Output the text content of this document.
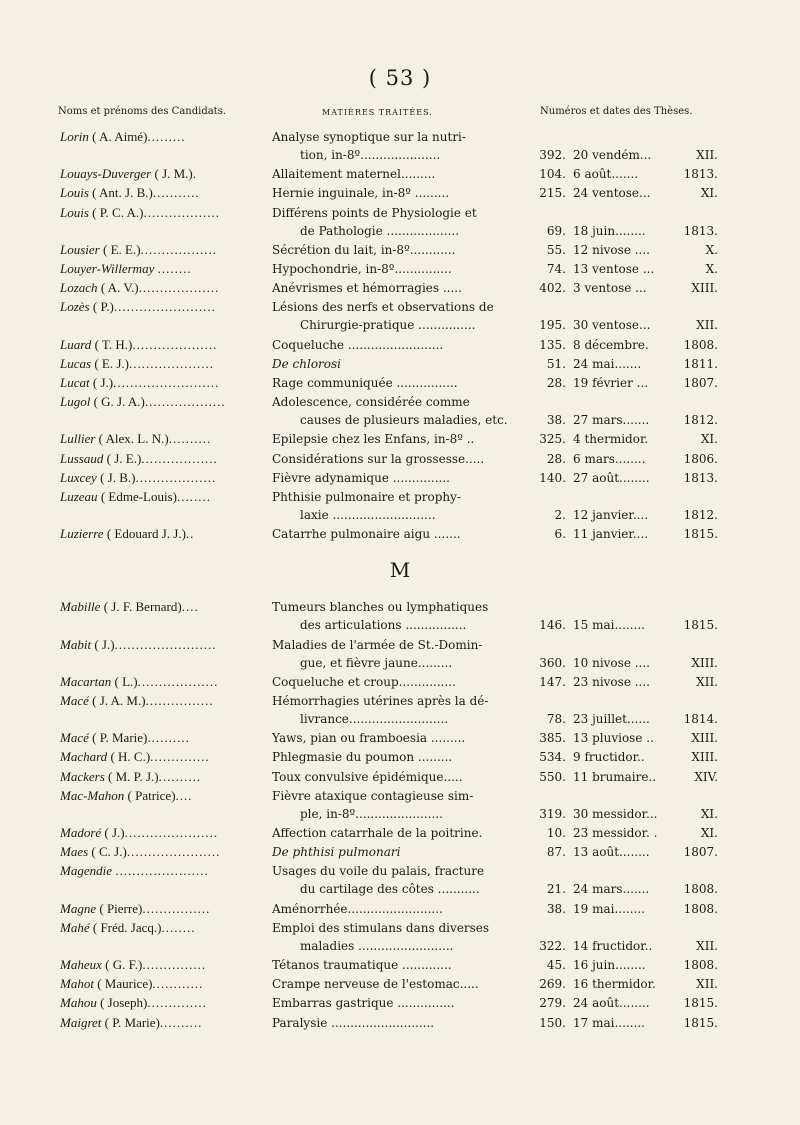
( 53 )
Noms et prénoms des Candidats.	MATIÈRES TRAITÉES.	Numéros et dates des Thèses.
Lorin ( A. Aimé).........	Analyse synoptique sur la nutri-
tion, in-8º.....................	392. 20 vendém...	XII.
Louays-Duverger ( J. M.).	Allaitement maternel.........	104. 6 août.......	1813.
Louis ( Ant. J. B.)...........	Hernie inguinale, in-8º .........	215. 24 ventose...	XI.
Louis ( P. C. A.)..................	Différens points de Physiologie et
de Pathologie ...................	69. 18 juin........	1813.
Lousier ( E. E.)..................	Sécrétion du lait, in-8º............	55. 12 nivose ....	X.
Louyer-Willermay ........	Hypochondrie, in-8º...............	74. 13 ventose ...	X.
Lozach ( A. V.)...................	Anévrismes et hémorragies .....	402. 3 ventose ...	XIII.
Lozès ( P.)........................	Lésions des nerfs et observations de
Chirurgie-pratique ...............	195. 30 ventose...	XII.
Luard ( T. H.)....................	Coqueluche .........................	135. 8 décembre.	1808.
Lucas ( E. J.)....................	De chlorosi	51. 24 mai.......	1811.
Lucat ( J.).........................	Rage communiquée ................	28. 19 février ...	1807.
Lugol ( G. J. A.)...................	Adolescence, considérée comme
causes de plusieurs maladies, etc.	38. 27 mars.......	1812.
Lullier ( Alex. L. N.)..........	Epilepsie chez les Enfans, in-8º ..	325. 4 thermidor.	XI.
Lussaud ( J. E.)..................	Considérations sur la grossesse.....	28. 6 mars........	1806.
Luxcey ( J. B.)...................	Fièvre adynamique ...............	140. 27 août........	1813.
Luzeau ( Edme-Louis)........	Phthisie pulmonaire et prophy-
laxie ...........................	2. 12 janvier....	1812.
Luzierre ( Edouard J. J.)..	Catarrhe pulmonaire aigu .......	6. 11 janvier....	1815.
M
Mabille ( J. F. Bernard)....	Tumeurs blanches ou lymphatiques
des articulations ................	146. 15 mai........	1815.
Mabit ( J.)........................	Maladies de l'armée de St.-Domin-
gue, et fièvre jaune.........	360. 10 nivose ....	XIII.
Macartan ( L.)...................	Coqueluche et croup...............	147. 23 nivose ....	XII.
Macé ( J. A. M.)................	Hémorrhagies utérines après la dé-
livrance..........................	78. 23 juillet......	1814.
Macé ( P. Marie)..........	Yaws, pian ou framboesia .........	385. 13 pluviose ..	XIII.
Machard ( H. C.)..............	Phlegmasie du poumon .........	534. 9 fructidor..	XIII.
Mackers ( M. P. J.)..........	Toux convulsive épidémique.....	550. 11 brumaire..	XIV.
Mac-Mahon ( Patrice)....	Fièvre ataxique contagieuse sim-
ple, in-8º.......................	319. 30 messidor...	XI.
Madoré ( J.)......................	Affection catarrhale de la poitrine.	10. 23 messidor. .	XI.
Maes ( C. J.)......................	De phthisi pulmonari	87. 13 août........	1807.
Magendie ......................	Usages du voile du palais, fracture
du cartilage des côtes ...........	21. 24 mars.......	1808.
Magne ( Pierre)................	Aménorrhée.........................	38. 19 mai........	1808.
Mahé ( Fréd. Jacq.)........	Emploi des stimulans dans diverses
maladies .........................	322. 14 fructidor..	XII.
Maheux ( G. F.)...............	Tétanos traumatique .............	45. 16 juin........	1808.
Mahot ( Maurice)............	Crampe nerveuse de l'estomac.....	269. 16 thermidor.	XII.
Mahou ( Joseph)..............	Embarras gastrique ...............	279. 24 août........	1815.
Maigret ( P. Marie)..........	Paralysie ...........................	150. 17 mai........	1815.
